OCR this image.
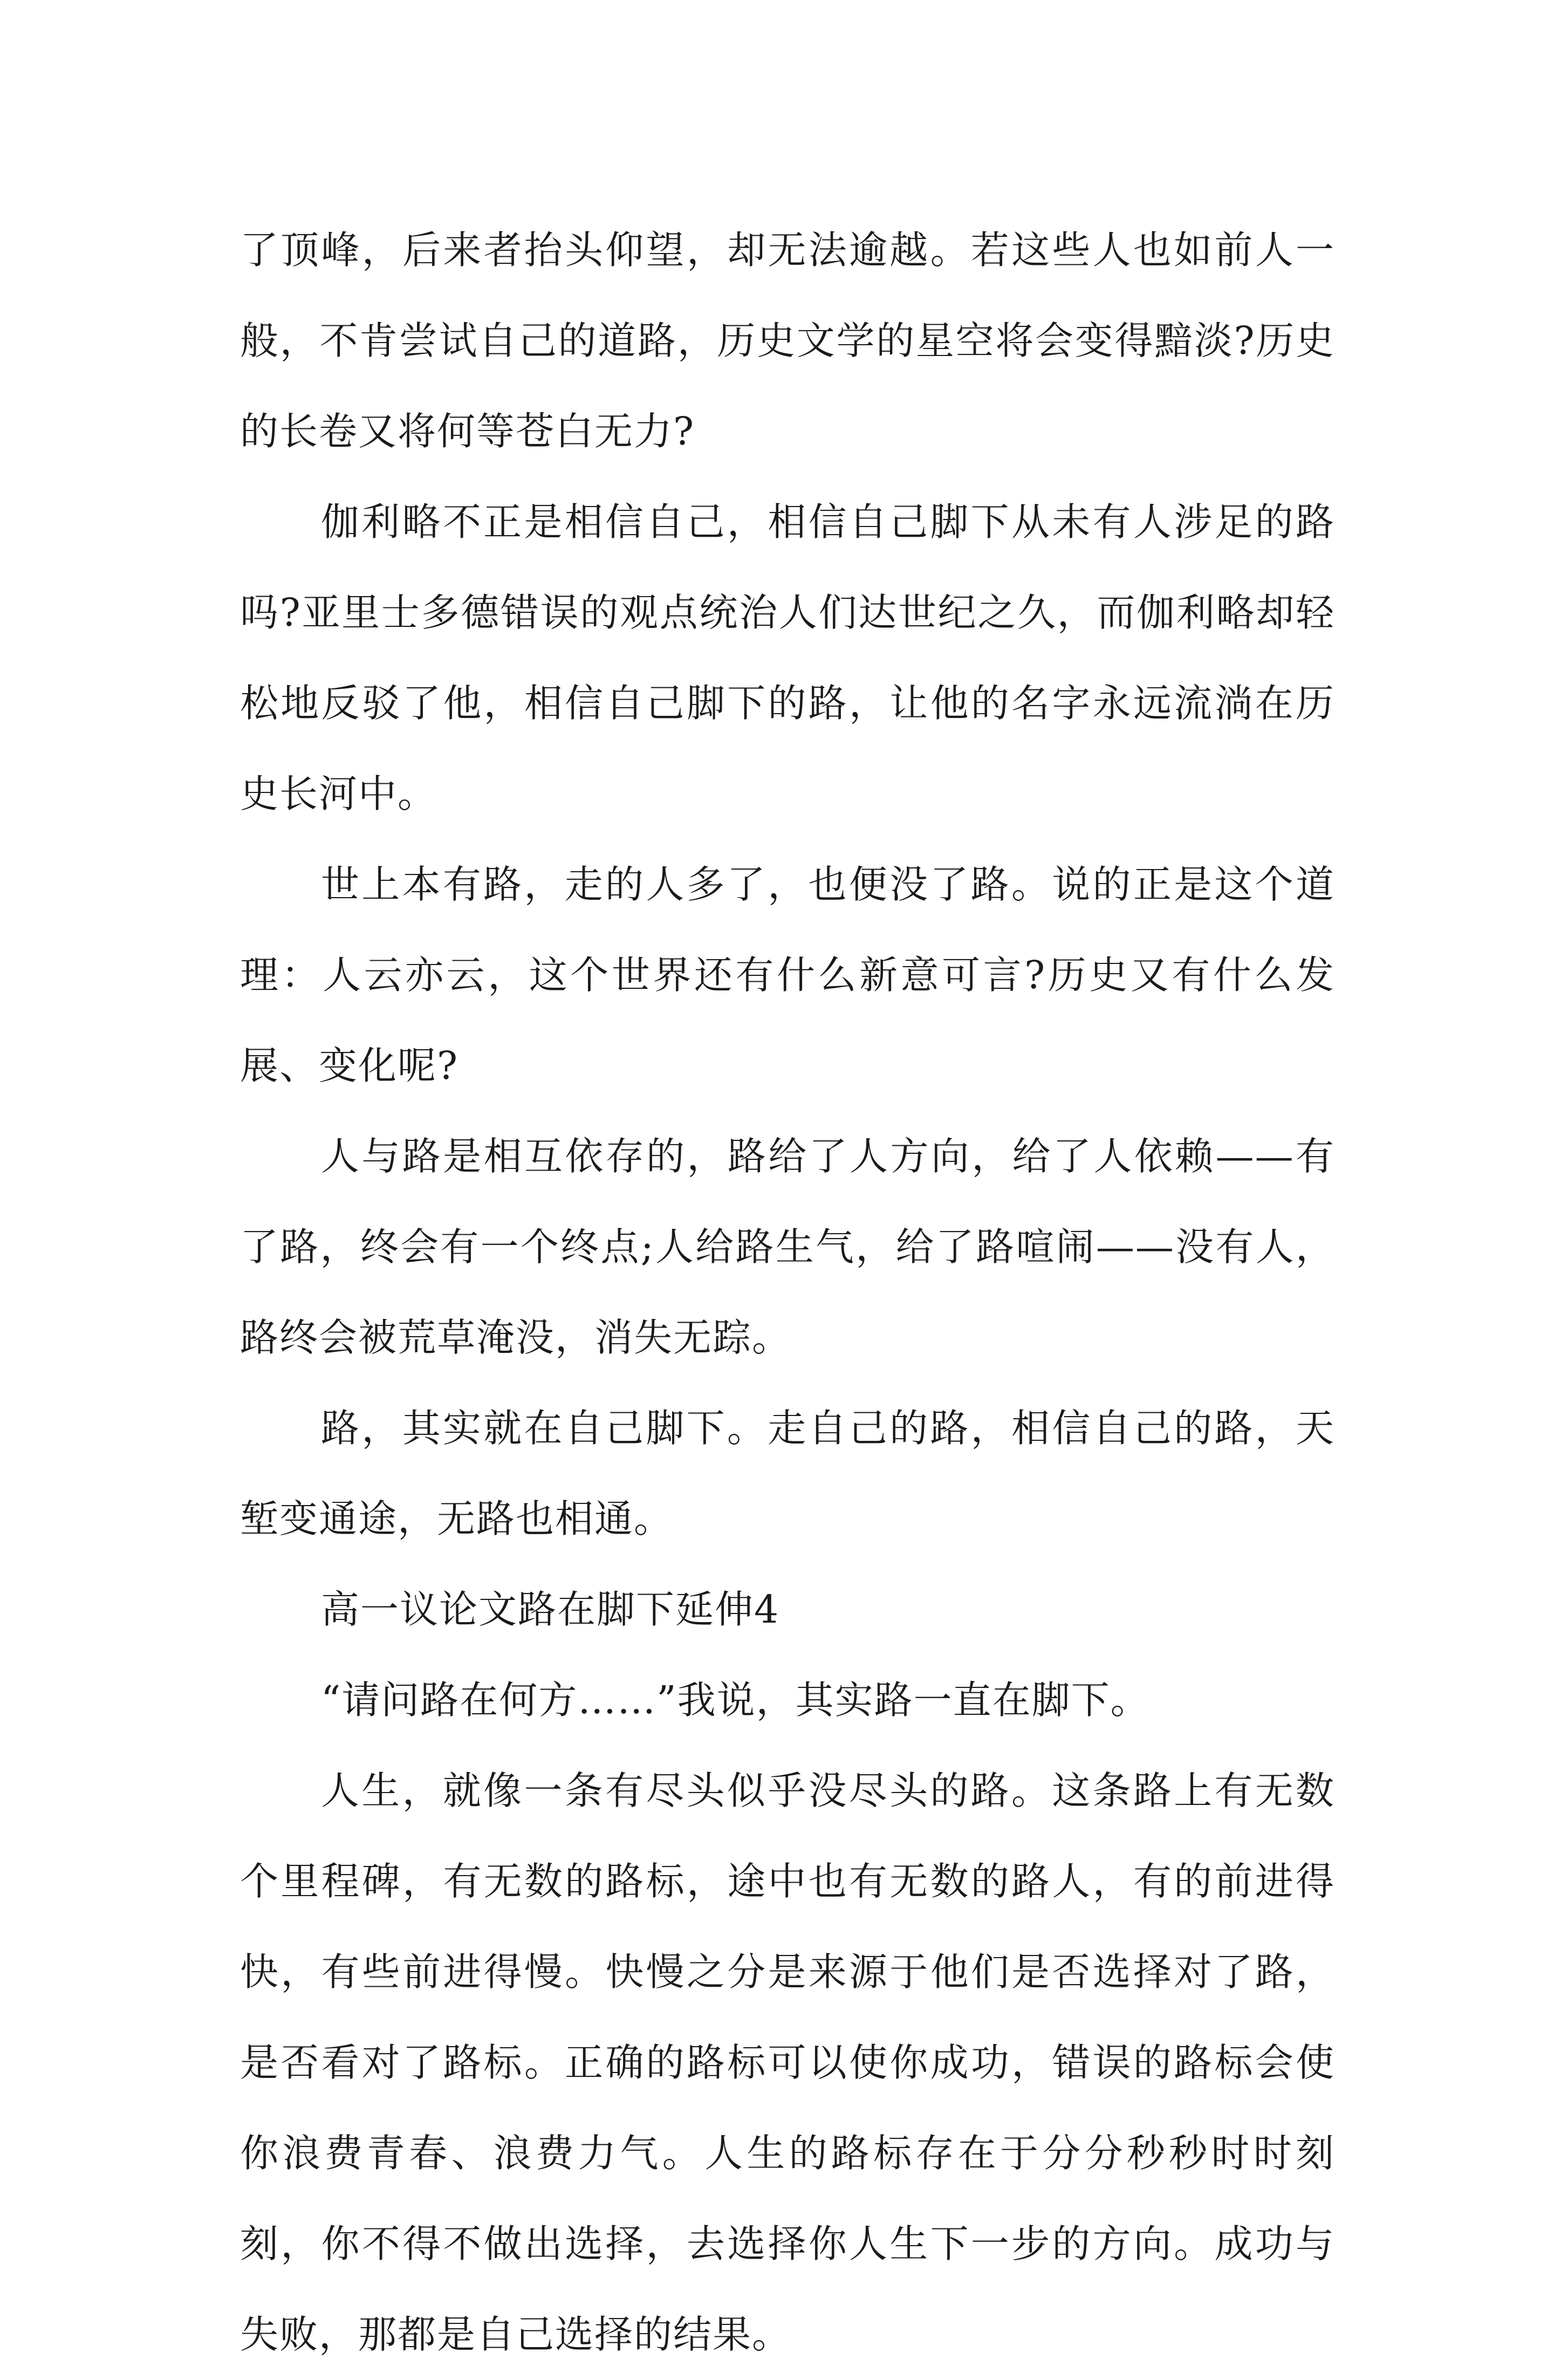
了顶峰，后来者抬头仰望，却无法逾越。若这些人也如前人一般，不肯尝试自己的道路，历史文学的星空将会变得黯淡?历史的长卷又将何等苍白无力?

伽利略不正是相信自己，相信自己脚下从未有人涉足的路吗?亚里士多德错误的观点统治人们达世纪之久，而伽利略却轻松地反驳了他，相信自己脚下的路，让他的名字永远流淌在历史长河中。

世上本有路，走的人多了，也便没了路。说的正是这个道理：人云亦云，这个世界还有什么新意可言?历史又有什么发展、变化呢?

人与路是相互依存的，路给了人方向，给了人依赖——有了路，终会有一个终点;人给路生气，给了路喧闹——没有人，路终会被荒草淹没，消失无踪。

路，其实就在自己脚下。走自己的路，相信自己的路，天堑变通途，无路也相通。

高一议论文路在脚下延伸4

“请问路在何方……”我说，其实路一直在脚下。

人生，就像一条有尽头似乎没尽头的路。这条路上有无数个里程碑，有无数的路标，途中也有无数的路人，有的前进得快，有些前进得慢。快慢之分是来源于他们是否选择对了路，是否看对了路标。正确的路标可以使你成功，错误的路标会使你浪费青春、浪费力气。人生的路标存在于分分秒秒时时刻刻，你不得不做出选择，去选择你人生下一步的方向。成功与失败，那都是自己选择的结果。
